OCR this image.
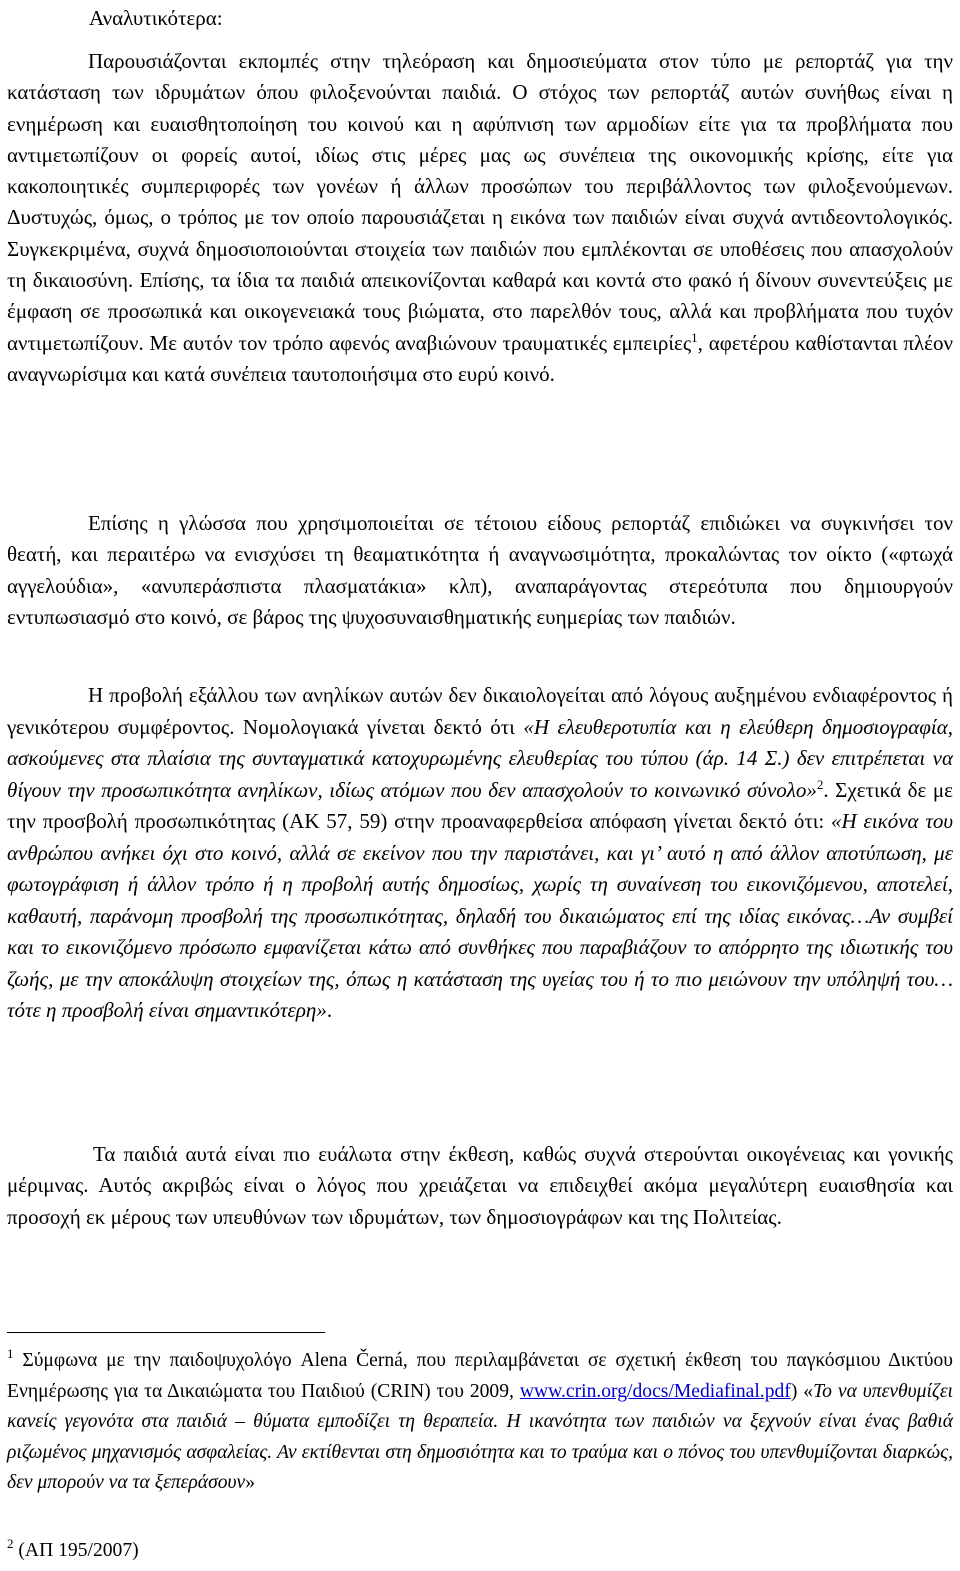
Αναλυτικότερα:

Παρουσιάζονται εκπομπές στην τηλεόραση και δημοσιεύματα στον τύπο με ρεπορτάζ για την κατάσταση των ιδρυμάτων όπου φιλοξενούνται παιδιά. Ο στόχος των ρεπορτάζ αυτών συνήθως είναι η ενημέρωση και ευαισθητοποίηση του κοινού και η αφύπνιση των αρμοδίων είτε για τα προβλήματα που αντιμετωπίζουν οι φορείς αυτοί, ιδίως στις μέρες μας ως συνέπεια της οικονομικής κρίσης, είτε για κακοποιητικές συμπεριφορές των γονέων ή άλλων προσώπων του περιβάλλοντος των φιλοξενούμενων. Δυστυχώς, όμως, ο τρόπος με τον οποίο παρουσιάζεται η εικόνα των παιδιών είναι συχνά αντιδεοντολογικός. Συγκεκριμένα, συχνά δημοσιοποιούνται στοιχεία των παιδιών που εμπλέκονται σε υποθέσεις που απασχολούν τη δικαιοσύνη. Επίσης, τα ίδια τα παιδιά απεικονίζονται καθαρά και κοντά στο φακό ή δίνουν συνεντεύξεις με έμφαση σε προσωπικά και οικογενειακά τους βιώματα, στο παρελθόν τους, αλλά και προβλήματα που τυχόν αντιμετωπίζουν. Με αυτόν τον τρόπο αφενός αναβιώνουν τραυματικές εμπειρίες$^1$, αφετέρου καθίστανται πλέον αναγνωρίσιμα και κατά συνέπεια ταυτοποιήσιμα στο ευρύ κοινό.

Επίσης η γλώσσα που χρησιμοποιείται σε τέτοιου είδους ρεπορτάζ επιδιώκει να συγκινήσει τον θεατή, και περαιτέρω να ενισχύσει τη θεαματικότητα ή αναγνωσιμότητα, προκαλώντας τον οίκτο («φτωχά αγγελούδια», «ανυπεράσπιστα πλασματάκια» κλπ), αναπαράγοντας στερεότυπα που δημιουργούν εντυπωσιασμό στο κοινό, σε βάρος της ψυχοσυναισθηματικής ευημερίας των παιδιών.

Η προβολή εξάλλου των ανηλίκων αυτών δεν δικαιολογείται από λόγους αυξημένου ενδιαφέροντος ή γενικότερου συμφέροντος. Νομολογιακά γίνεται δεκτό ότι «Η ελευθεροτυπία και η ελεύθερη δημοσιογραφία, ασκούμενες στα πλαίσια της συνταγματικά κατοχυρωμένης ελευθερίας του τύπου (άρ. 14 Σ.) δεν επιτρέπεται να θίγουν την προσωπικότητα ανηλίκων, ιδίως ατόμων που δεν απασχολούν το κοινωνικό σύνολο»$^2$. Σχετικά δε με την προσβολή προσωπικότητας (ΑΚ 57, 59) στην προαναφερθείσα απόφαση γίνεται δεκτό ότι: «Η εικόνα του ανθρώπου ανήκει όχι στο κοινό, αλλά σε εκείνον που την παριστάνει, και γι’ αυτό η από άλλον αποτύπωση, με φωτογράφιση ή άλλον τρόπο ή η προβολή αυτής δημοσίως, χωρίς τη συναίνεση του εικονιζόμενου, αποτελεί, καθαυτή, παράνομη προσβολή της προσωπικότητας, δηλαδή του δικαιώματος επί της ιδίας εικόνας…Αν συμβεί και το εικονιζόμενο πρόσωπο εμφανίζεται κάτω από συνθήκες που παραβιάζουν το απόρρητο της ιδιωτικής του ζωής, με την αποκάλυψη στοιχείων της, όπως η κατάσταση της υγείας του ή το πιο μειώνουν την υπόληψή του…τότε η προσβολή είναι σημαντικότερη».

Τα παιδιά αυτά είναι πιο ευάλωτα στην έκθεση, καθώς συχνά στερούνται οικογένειας και γονικής μέριμνας. Αυτός ακριβώς είναι ο λόγος που χρειάζεται να επιδειχθεί ακόμα μεγαλύτερη ευαισθησία και προσοχή εκ μέρους των υπευθύνων των ιδρυμάτων, των δημοσιογράφων και της Πολιτείας.

$^1$ Σύμφωνα με την παιδοψυχολόγο Alena Černá, που περιλαμβάνεται σε σχετική έκθεση του παγκόσμιου Δικτύου Ενημέρωσης για τα Δικαιώματα του Παιδιού (CRIN) του 2009, www.crin.org/docs/Mediafinal.pdf) «Το να υπενθυμίζει κανείς γεγονότα στα παιδιά – θύματα εμποδίζει τη θεραπεία. Η ικανότητα των παιδιών να ξεχνούν είναι ένας βαθιά ριζωμένος μηχανισμός ασφαλείας. Αν εκτίθενται στη δημοσιότητα και το τραύμα και ο πόνος του υπενθυμίζονται διαρκώς, δεν μπορούν να τα ξεπεράσουν»

$^2$ (ΑΠ 195/2007)
